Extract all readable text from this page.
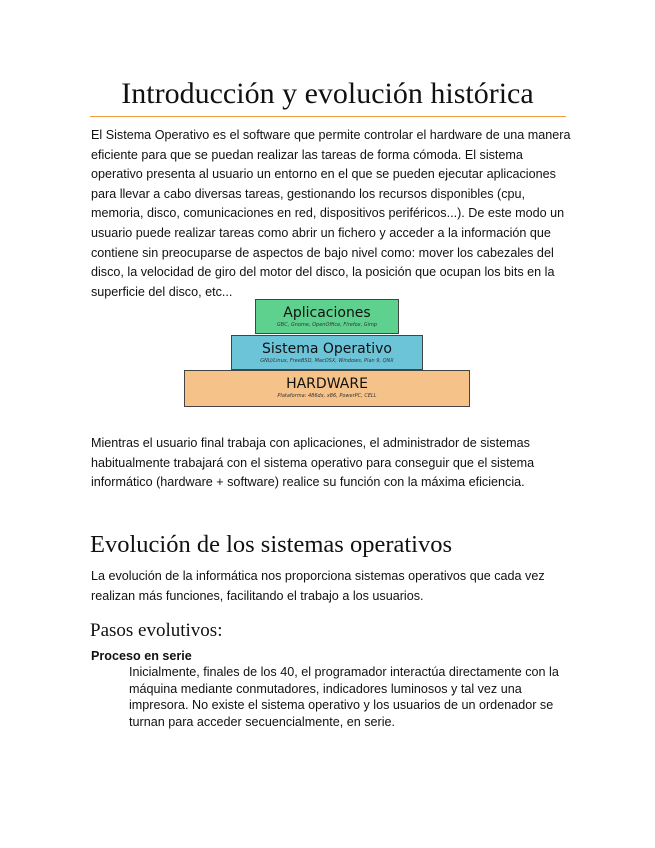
Introducción y evolución histórica

El Sistema Operativo es el software que permite controlar el hardware de una manera eficiente para que se puedan realizar las tareas de forma cómoda. El sistema operativo presenta al usuario un entorno en el que se pueden ejecutar aplicaciones para llevar a cabo diversas tareas, gestionando los recursos disponibles (cpu, memoria, disco, comunicaciones en red, dispositivos periféricos...). De este modo un usuario puede realizar tareas como abrir un fichero y acceder a la información que contiene sin preocuparse de aspectos de bajo nivel como: mover los cabezales del disco, la velocidad de giro del motor del disco, la posición que ocupan los bits en la superficie del disco, etc...

Aplicaciones
GBC, Gnome, OpenOffice, Firefox, Gimp
Sistema Operativo
GNU/Linux, FreeBSD, MacOSX, Windows, Plan 9, QNX
HARDWARE
Plataforma: 486dx, x86, PowerPC, CELL

Mientras el usuario final trabaja con aplicaciones, el administrador de sistemas habitualmente trabajará con el sistema operativo para conseguir que el sistema informático (hardware + software) realice su función con la máxima eficiencia.

Evolución de los sistemas operativos

La evolución de la informática nos proporciona sistemas operativos que cada vez realizan más funciones, facilitando el trabajo a los usuarios.

Pasos evolutivos:
Proceso en serie

Inicialmente, finales de los 40, el programador interactúa directamente con la máquina mediante conmutadores, indicadores luminosos y tal vez una impresora. No existe el sistema operativo y los usuarios de un ordenador se turnan para acceder secuencialmente, en serie.
